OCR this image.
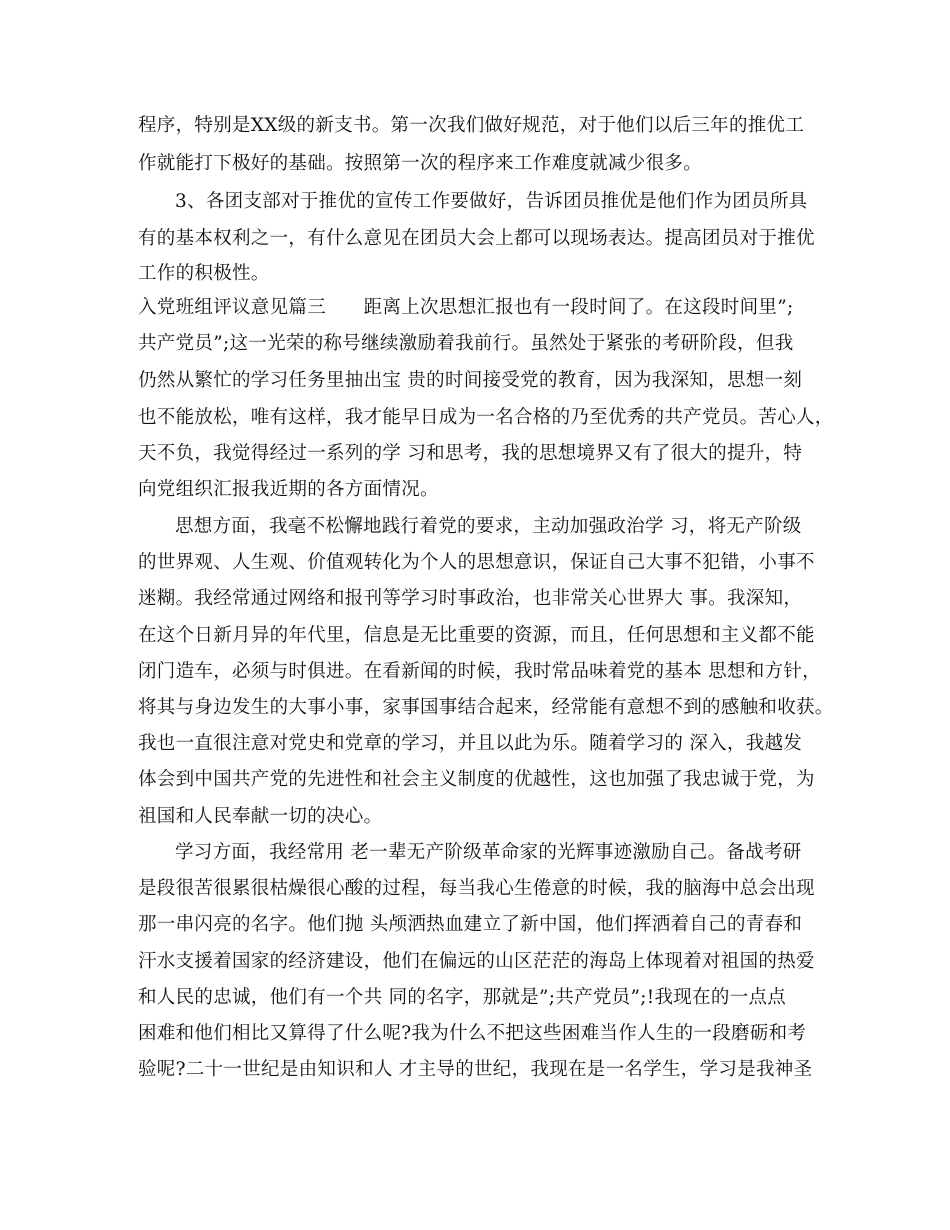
程序，特别是XX级的新支书。第一次我们做好规范，对于他们以后三年的推优工
作就能打下极好的基础。按照第一次的程序来工作难度就减少很多。
3、各团支部对于推优的宣传工作要做好，告诉团员推优是他们作为团员所具
有的基本权利之一，有什么意见在团员大会上都可以现场表达。提高团员对于推优
工作的积极性。
入党班组评议意见篇三　　距离上次思想汇报也有一段时间了。在这段时间里”;
共产党员”;这一光荣的称号继续激励着我前行。虽然处于紧张的考研阶段，但我
仍然从繁忙的学习任务里抽出宝 贵的时间接受党的教育，因为我深知，思想一刻
也不能放松，唯有这样，我才能早日成为一名合格的乃至优秀的共产党员。苦心人，
天不负，我觉得经过一系列的学 习和思考，我的思想境界又有了很大的提升，特
向党组织汇报我近期的各方面情况。
思想方面，我毫不松懈地践行着党的要求，主动加强政治学 习，将无产阶级
的世界观、人生观、价值观转化为个人的思想意识，保证自己大事不犯错，小事不
迷糊。我经常通过网络和报刊等学习时事政治，也非常关心世界大 事。我深知，
在这个日新月异的年代里，信息是无比重要的资源，而且，任何思想和主义都不能
闭门造车，必须与时俱进。在看新闻的时候，我时常品味着党的基本 思想和方针，
将其与身边发生的大事小事，家事国事结合起来，经常能有意想不到的感触和收获。
我也一直很注意对党史和党章的学习，并且以此为乐。随着学习的 深入，我越发
体会到中国共产党的先进性和社会主义制度的优越性，这也加强了我忠诚于党，为
祖国和人民奉献一切的决心。
学习方面，我经常用 老一辈无产阶级革命家的光辉事迹激励自己。备战考研
是段很苦很累很枯燥很心酸的过程，每当我心生倦意的时候，我的脑海中总会出现
那一串闪亮的名字。他们抛 头颅洒热血建立了新中国，他们挥洒着自己的青春和
汗水支援着国家的经济建设，他们在偏远的山区茫茫的海岛上体现着对祖国的热爱
和人民的忠诚，他们有一个共 同的名字，那就是”;共产党员”;!我现在的一点点
困难和他们相比又算得了什么呢?我为什么不把这些困难当作人生的一段磨砺和考
验呢?二十一世纪是由知识和人 才主导的世纪，我现在是一名学生，学习是我神圣
